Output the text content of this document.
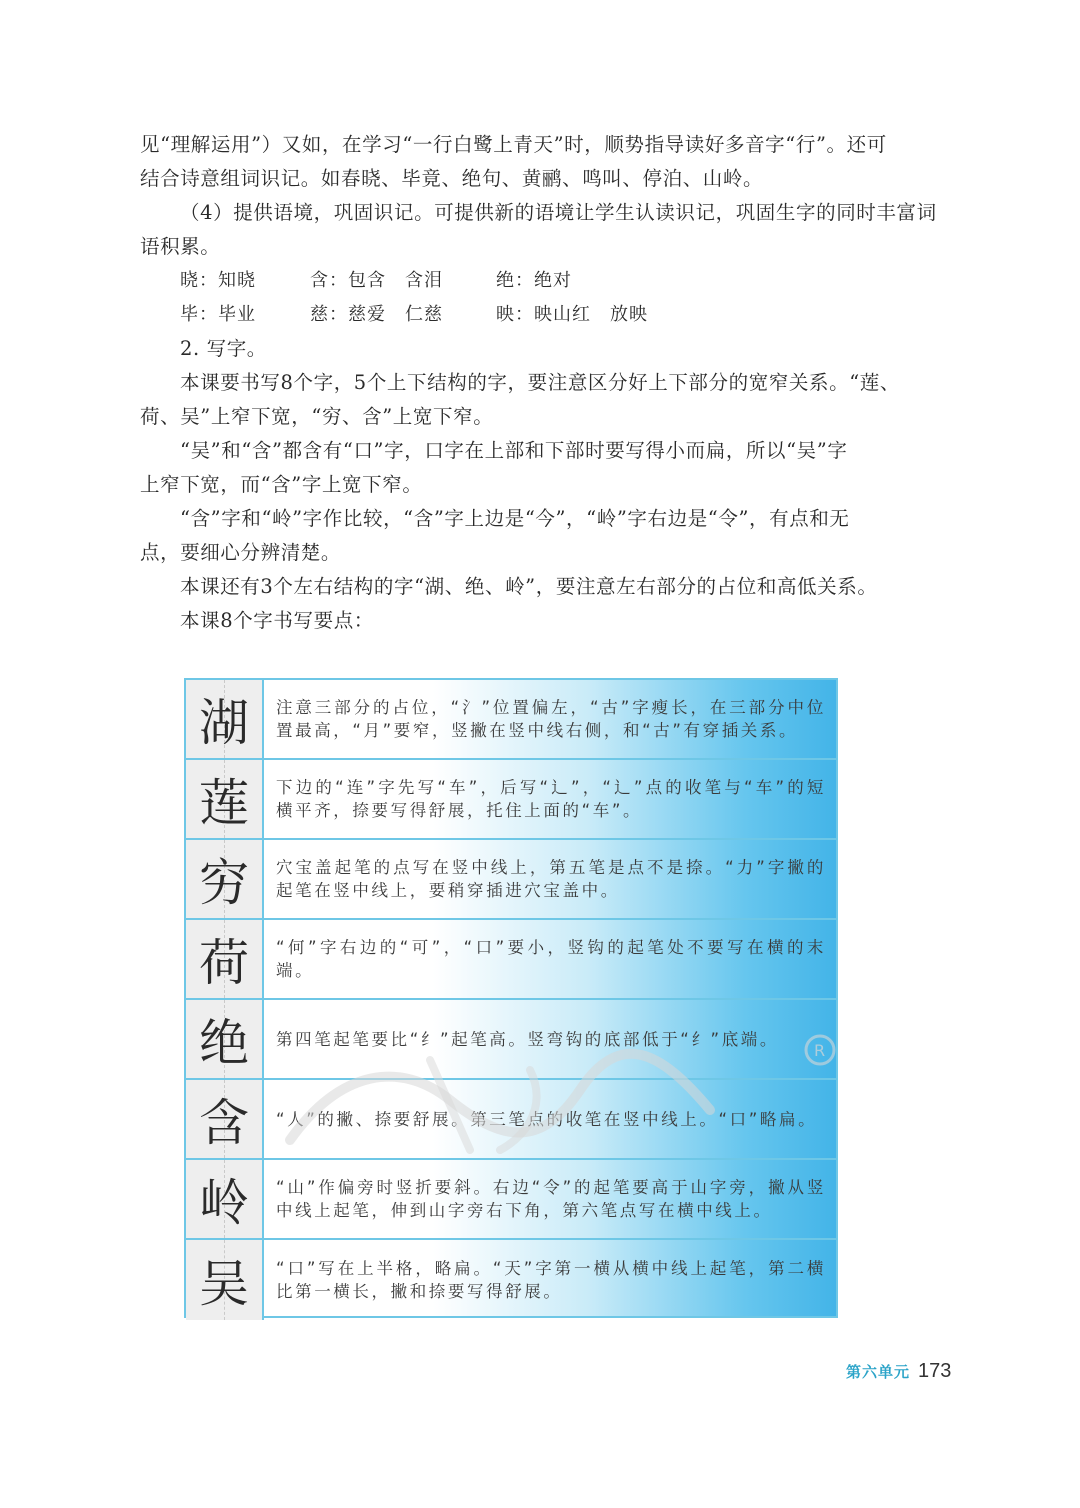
见“理解运用”）又如，在学习“一行白鹭上青天”时，顺势指导读好多音字“行”。还可
结合诗意组词识记。如春晓、毕竟、绝句、黄鹂、鸣叫、停泊、山岭。
（4）提供语境，巩固识记。可提供新的语境让学生认读识记，巩固生字的同时丰富词
语积累。
晓：知晓	含：包含　含泪	绝：绝对
毕：毕业	慈：慈爱　仁慈	映：映山红　放映
2. 写字。
本课要书写8个字，5个上下结构的字，要注意区分好上下部分的宽窄关系。“莲、
荷、吴”上窄下宽，“穷、含”上宽下窄。
“吴”和“含”都含有“口”字，口字在上部和下部时要写得小而扁，所以“吴”字
上窄下宽，而“含”字上宽下窄。
“含”字和“岭”字作比较，“含”字上边是“今”，“岭”字右边是“令”，有点和无
点，要细心分辨清楚。
本课还有3个左右结构的字“湖、绝、岭”，要注意左右部分的占位和高低关系。
本课8个字书写要点：
湖	注意三部分的占位，“氵”位置偏左，“古”字瘦长，在三部分中位置最高，“月”要窄，竖撇在竖中线右侧，和“古”有穿插关系。
莲	下边的“连”字先写“车”，后写“辶”，“辶”点的收笔与“车”的短横平齐，捺要写得舒展，托住上面的“车”。
穷	穴宝盖起笔的点写在竖中线上，第五笔是点不是捺。“力”字撇的起笔在竖中线上，要稍穿插进穴宝盖中。
荷	“何”字右边的“可”，“口”要小，竖钩的起笔处不要写在横的末端。
绝	第四笔起笔要比“纟”起笔高。竖弯钩的底部低于“纟”底端。
含	“人”的撇、捺要舒展。第三笔点的收笔在竖中线上。“口”略扁。
岭	“山”作偏旁时竖折要斜。右边“令”的起笔要高于山字旁，撇从竖中线上起笔，伸到山字旁右下角，第六笔点写在横中线上。
吴	“口”写在上半格，略扁。“天”字第一横从横中线上起笔，第二横比第一横长，撇和捺要写得舒展。
R
第六单元 173
